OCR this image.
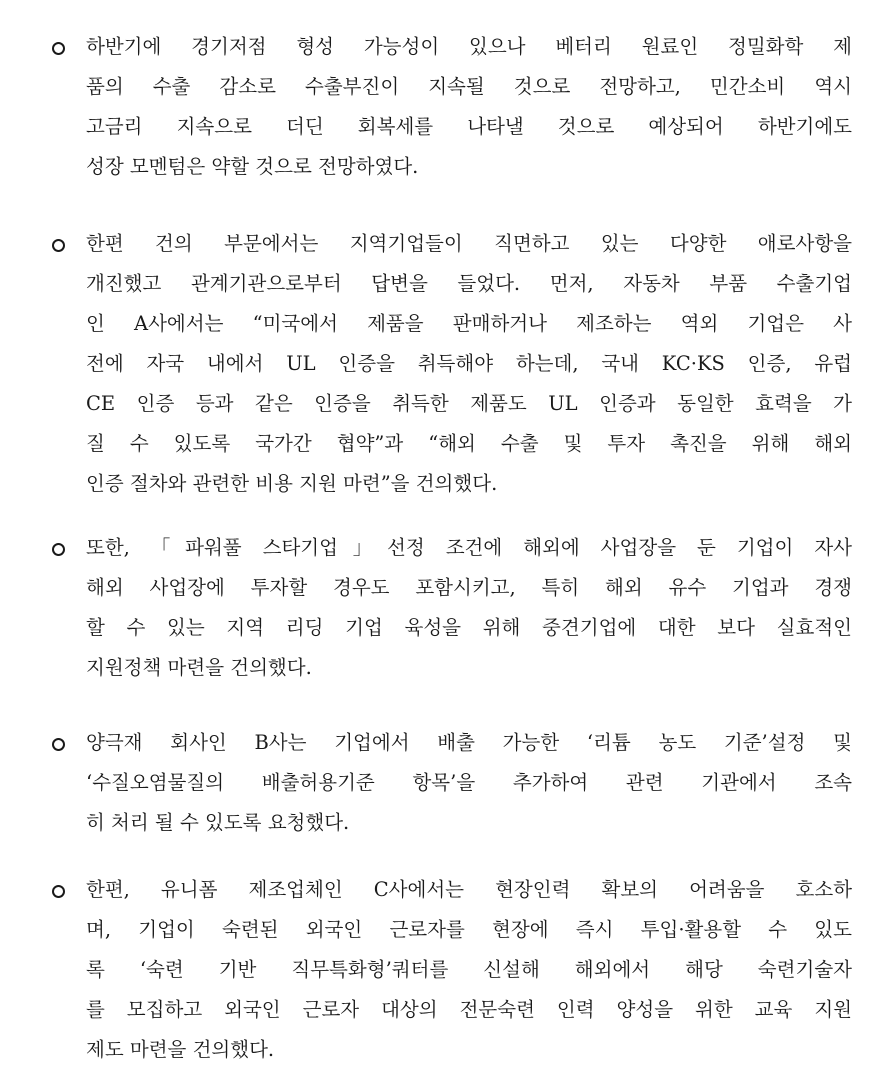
하반기에 경기저점 형성 가능성이 있으나 베터리 원료인 정밀화학 제
품의 수출 감소로 수출부진이 지속될 것으로 전망하고, 민간소비 역시
고금리 지속으로 더딘 회복세를 나타낼 것으로 예상되어 하반기에도
성장 모멘텀은 약할 것으로 전망하였다.
한편 건의 부문에서는 지역기업들이 직면하고 있는 다양한 애로사항을
개진했고 관계기관으로부터 답변을 들었다. 먼저, 자동차 부품 수출기업
인 A사에서는 “미국에서 제품을 판매하거나 제조하는 역외 기업은 사
전에 자국 내에서 UL 인증을 취득해야 하는데, 국내 KC·KS 인증, 유럽
CE 인증 등과 같은 인증을 취득한 제품도 UL 인증과 동일한 효력을 가
질 수 있도록 국가간 협약”과 “해외 수출 및 투자 촉진을 위해 해외
인증 절차와 관련한 비용 지원 마련”을 건의했다.
또한, 「파워풀 스타기업」선정 조건에 해외에 사업장을 둔 기업이 자사
해외 사업장에 투자할 경우도 포함시키고, 특히 해외 유수 기업과 경쟁
할 수 있는 지역 리딩 기업 육성을 위해 중견기업에 대한 보다 실효적인
지원정책 마련을 건의했다.
양극재 회사인 B사는 기업에서 배출 가능한 ‘리튬 농도 기준’설정 및
‘수질오염물질의 배출허용기준 항목’을 추가하여 관련 기관에서 조속
히 처리 될 수 있도록 요청했다.
한편, 유니폼 제조업체인 C사에서는 현장인력 확보의 어려움을 호소하
며, 기업이 숙련된 외국인 근로자를 현장에 즉시 투입·활용할 수 있도
록 ‘숙련 기반 직무특화형’쿼터를 신설해 해외에서 해당 숙련기술자
를 모집하고 외국인 근로자 대상의 전문숙련 인력 양성을 위한 교육 지원
제도 마련을 건의했다.
